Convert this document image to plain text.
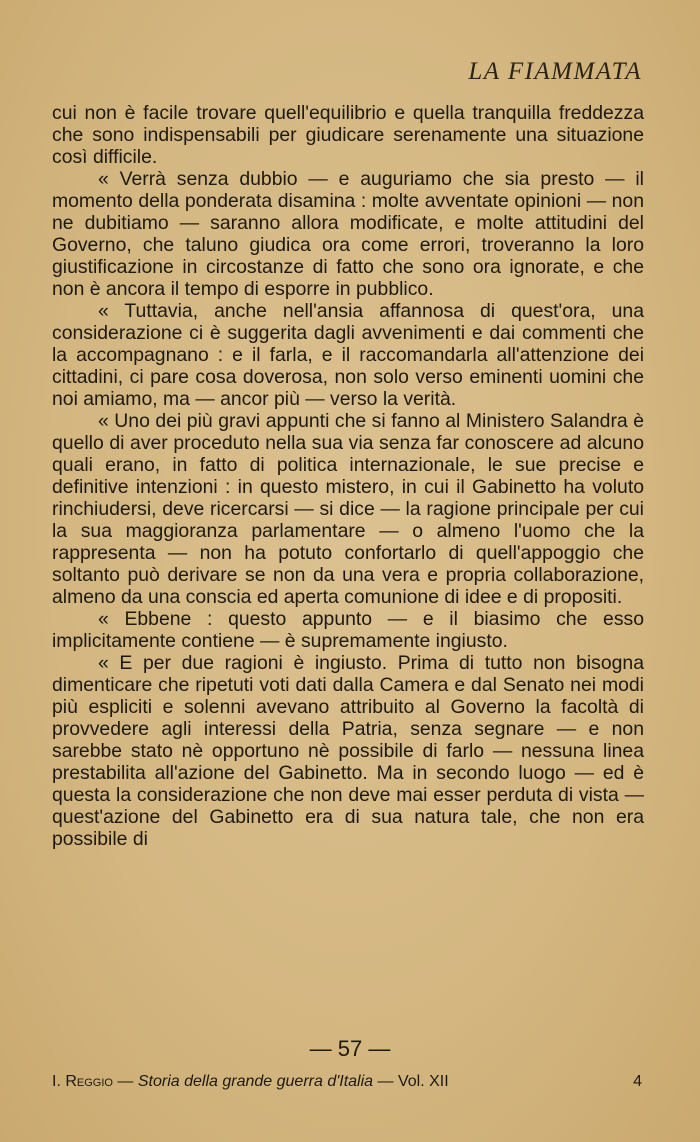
LA FIAMMATA

cui non è facile trovare quell'equilibrio e quella tranquilla freddezza che sono indispensabili per giudicare serenamente una situazione così difficile.

« Verrà senza dubbio — e auguriamo che sia presto — il momento della ponderata disamina : molte avventate opinioni — non ne dubitiamo — saranno allora modificate, e molte attitudini del Governo, che taluno giudica ora come errori, troveranno la loro giustificazione in circostanze di fatto che sono ora ignorate, e che non è ancora il tempo di esporre in pubblico.

« Tuttavia, anche nell'ansia affannosa di quest'ora, una considerazione ci è suggerita dagli avvenimenti e dai commenti che la accompagnano : e il farla, e il raccomandarla all'attenzione dei cittadini, ci pare cosa doverosa, non solo verso eminenti uomini che noi amiamo, ma — ancor più — verso la verità.

« Uno dei più gravi appunti che si fanno al Ministero Salandra è quello di aver proceduto nella sua via senza far conoscere ad alcuno quali erano, in fatto di politica internazionale, le sue precise e definitive intenzioni : in questo mistero, in cui il Gabinetto ha voluto rinchiudersi, deve ricercarsi — si dice — la ragione principale per cui la sua maggioranza parlamentare — o almeno l'uomo che la rappresenta — non ha potuto confortarlo di quell'appoggio che soltanto può derivare se non da una vera e propria collaborazione, almeno da una conscia ed aperta comunione di idee e di propositi.

« Ebbene : questo appunto — e il biasimo che esso implicitamente contiene — è supremamente ingiusto.

« E per due ragioni è ingiusto. Prima di tutto non bisogna dimenticare che ripetuti voti dati dalla Camera e dal Senato nei modi più espliciti e solenni avevano attribuito al Governo la facoltà di provvedere agli interessi della Patria, senza segnare — e non sarebbe stato nè opportuno nè possibile di farlo — nessuna linea prestabilita all'azione del Gabinetto. Ma in secondo luogo — ed è questa la considerazione che non deve mai esser perduta di vista — quest'azione del Gabinetto era di sua natura tale, che non era possibile di

— 57 —
I. Reggio — Storia della grande guerra d'Italia — Vol. XII	4
